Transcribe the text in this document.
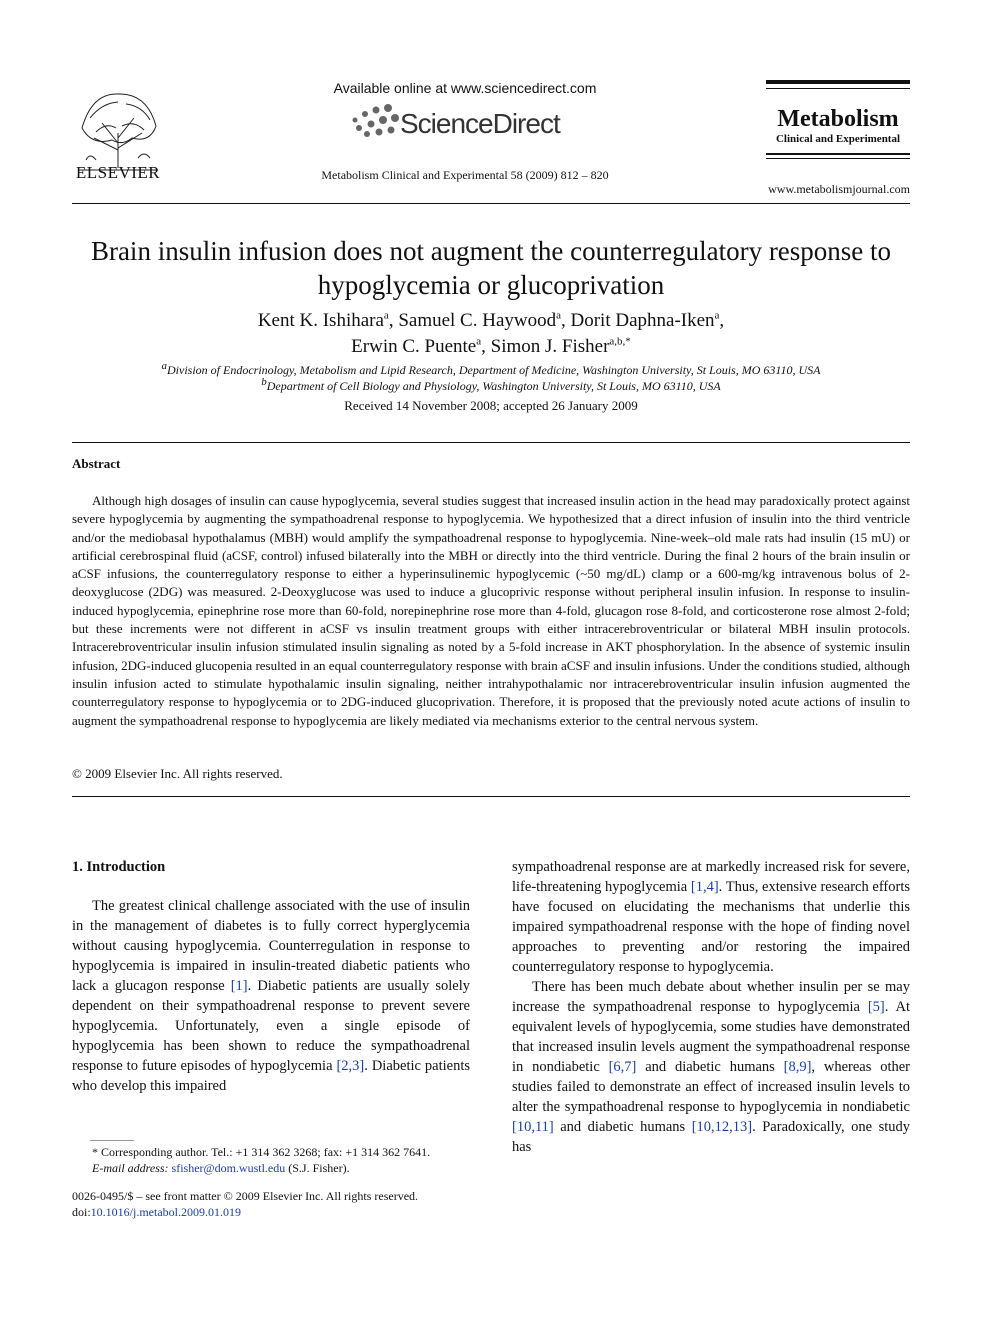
ELSEVIER
Available online at www.sciencedirect.com
ScienceDirect
Metabolism Clinical and Experimental 58 (2009) 812 – 820
Metabolism
Clinical and Experimental
www.metabolismjournal.com
Brain insulin infusion does not augment the counterregulatory response to hypoglycemia or glucoprivation
Kent K. Ishihara$^a$, Samuel C. Haywood$^a$, Dorit Daphna-Iken$^a$,
Erwin C. Puente$^a$, Simon J. Fisher$^{a,b,*}$
$^a$Division of Endocrinology, Metabolism and Lipid Research, Department of Medicine, Washington University, St Louis, MO 63110, USA
$^b$Department of Cell Biology and Physiology, Washington University, St Louis, MO 63110, USA
Received 14 November 2008; accepted 26 January 2009
Abstract
Although high dosages of insulin can cause hypoglycemia, several studies suggest that increased insulin action in the head may paradoxically protect against severe hypoglycemia by augmenting the sympathoadrenal response to hypoglycemia. We hypothesized that a direct infusion of insulin into the third ventricle and/or the mediobasal hypothalamus (MBH) would amplify the sympathoadrenal response to hypoglycemia. Nine-week–old male rats had insulin (15 mU) or artificial cerebrospinal fluid (aCSF, control) infused bilaterally into the MBH or directly into the third ventricle. During the final 2 hours of the brain insulin or aCSF infusions, the counterregulatory response to either a hyperinsulinemic hypoglycemic (~50 mg/dL) clamp or a 600-mg/kg intravenous bolus of 2-deoxyglucose (2DG) was measured. 2-Deoxyglucose was used to induce a glucoprivic response without peripheral insulin infusion. In response to insulin-induced hypoglycemia, epinephrine rose more than 60-fold, norepinephrine rose more than 4-fold, glucagon rose 8-fold, and corticosterone rose almost 2-fold; but these increments were not different in aCSF vs insulin treatment groups with either intracerebroventricular or bilateral MBH insulin protocols. Intracerebroventricular insulin infusion stimulated insulin signaling as noted by a 5-fold increase in AKT phosphorylation. In the absence of systemic insulin infusion, 2DG-induced glucopenia resulted in an equal counterregulatory response with brain aCSF and insulin infusions. Under the conditions studied, although insulin infusion acted to stimulate hypothalamic insulin signaling, neither intrahypothalamic nor intracerebroventricular insulin infusion augmented the counterregulatory response to hypoglycemia or to 2DG-induced glucoprivation. Therefore, it is proposed that the previously noted acute actions of insulin to augment the sympathoadrenal response to hypoglycemia are likely mediated via mechanisms exterior to the central nervous system.
© 2009 Elsevier Inc. All rights reserved.
1. Introduction

The greatest clinical challenge associated with the use of insulin in the management of diabetes is to fully correct hyperglycemia without causing hypoglycemia. Counterregulation in response to hypoglycemia is impaired in insulin-treated diabetic patients who lack a glucagon response [1]. Diabetic patients are usually solely dependent on their sympathoadrenal response to prevent severe hypoglycemia. Unfortunately, even a single episode of hypoglycemia has been shown to reduce the sympathoadrenal response to future episodes of hypoglycemia [2,3]. Diabetic patients who develop this impaired

sympathoadrenal response are at markedly increased risk for severe, life-threatening hypoglycemia [1,4]. Thus, extensive research efforts have focused on elucidating the mechanisms that underlie this impaired sympathoadrenal response with the hope of finding novel approaches to preventing and/or restoring the impaired counterregulatory response to hypoglycemia.

There has been much debate about whether insulin per se may increase the sympathoadrenal response to hypoglycemia [5]. At equivalent levels of hypoglycemia, some studies have demonstrated that increased insulin levels augment the sympathoadrenal response in nondiabetic [6,7] and diabetic humans [8,9], whereas other studies failed to demonstrate an effect of increased insulin levels to alter the sympathoadrenal response to hypoglycemia in nondiabetic [10,11] and diabetic humans [10,12,13]. Paradoxically, one study has

* Corresponding author. Tel.: +1 314 362 3268; fax: +1 314 362 7641.
E-mail address: sfisher@dom.wustl.edu (S.J. Fisher).
0026-0495/$ – see front matter © 2009 Elsevier Inc. All rights reserved.
doi:10.1016/j.metabol.2009.01.019
